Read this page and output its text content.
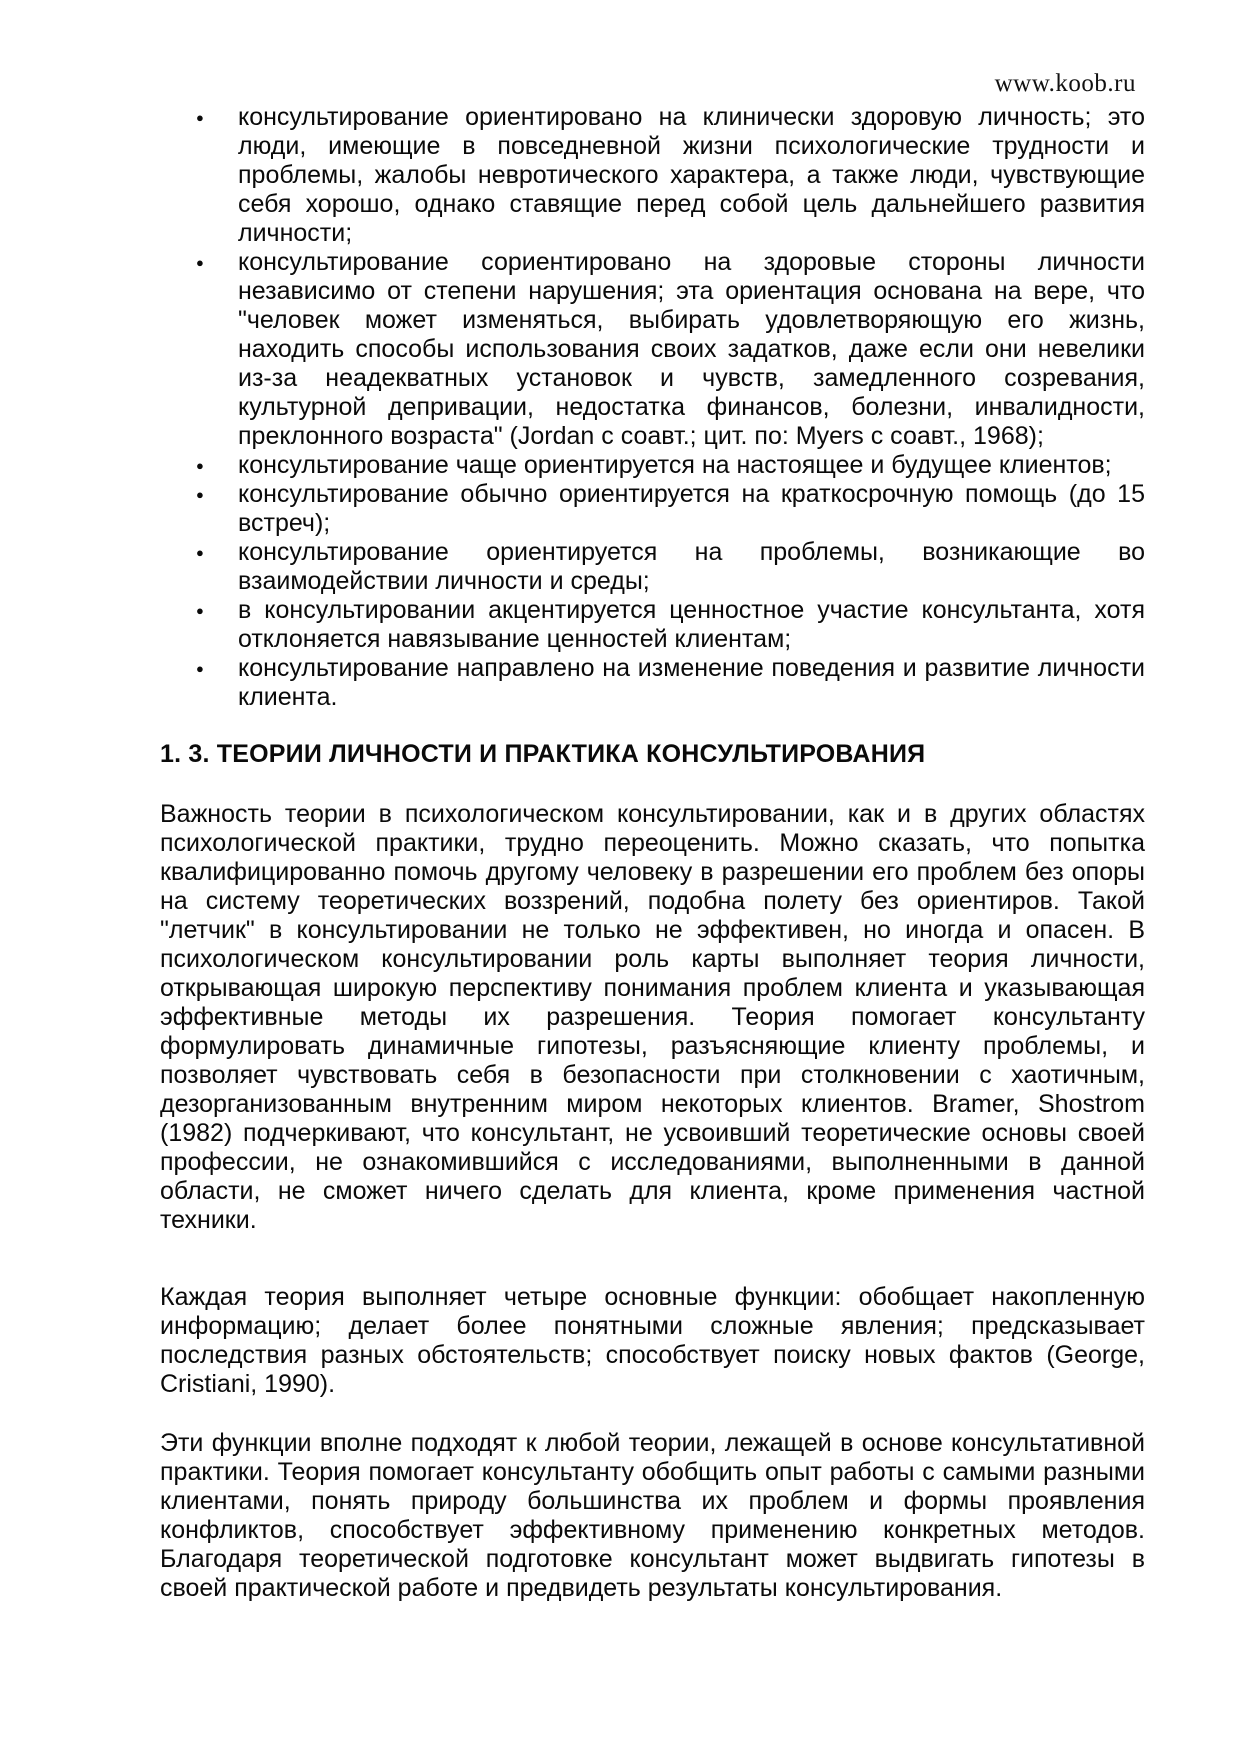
www.koob.ru
●
консультирование ориентировано на клинически здоровую личность; это люди, имеющие в повседневной жизни психологические трудности и проблемы, жалобы невротического характера, а также люди, чувствующие себя хорошо, однако ставящие перед собой цель дальнейшего развития личности;
●
консультирование сориентировано на здоровые стороны личности независимо от степени нарушения; эта ориентация основана на вере, что "человек может изменяться, выбирать удовлетворяющую его жизнь, находить способы использования своих задатков, даже если они невелики из-за неадекватных установок и чувств, замедленного созревания, культурной депривации, недостатка финансов, болезни, инвалидности, преклонного возраста" (Jordan с соавт.; цит. по: Myers с соавт., 1968);
●
консультирование чаще ориентируется на настоящее и будущее клиентов;
●
консультирование обычно ориентируется на краткосрочную помощь (до 15 встреч);
●
консультирование ориентируется на проблемы, возникающие во взаимодействии личности и среды;
●
в консультировании акцентируется ценностное участие консультанта, хотя отклоняется навязывание ценностей клиентам;
●
консультирование направлено на изменение поведения и развитие личности клиента.
1. 3. ТЕОРИИ ЛИЧНОСТИ И ПРАКТИКА КОНСУЛЬТИРОВАНИЯ

Важность теории в психологическом консультировании, как и в других областях психологической практики, трудно переоценить. Можно сказать, что попытка квалифицированно помочь другому человеку в разрешении его проблем без опоры на систему теоретических воззрений, подобна полету без ориентиров. Такой "летчик" в консультировании не только не эффективен, но иногда и опасен. В психологическом консультировании роль карты выполняет теория личности, открывающая широкую перспективу понимания проблем клиента и указывающая эффективные методы их разрешения. Теория помогает консультанту формулировать динамичные гипотезы, разъясняющие клиенту проблемы, и позволяет чувствовать себя в безопасности при столкновении с хаотичным, дезорганизованным внутренним миром некоторых клиентов. Bramer, Shostrom (1982) подчеркивают, что консультант, не усвоивший теоретические основы своей профессии, не ознакомившийся с исследованиями, выполненными в данной области, не сможет ничего сделать для клиента, кроме применения частной техники.

Каждая теория выполняет четыре основные функции: обобщает накопленную информацию; делает более понятными сложные явления; предсказывает последствия разных обстоятельств; способствует поиску новых фактов (George, Cristiani, 1990).

Эти функции вполне подходят к любой теории, лежащей в основе консультативной практики. Теория помогает консультанту обобщить опыт работы с самыми разными клиентами, понять природу большинства их проблем и формы проявления конфликтов, способствует эффективному применению конкретных методов. Благодаря теоретической подготовке консультант может выдвигать гипотезы в своей практической работе и предвидеть результаты консультирования.
